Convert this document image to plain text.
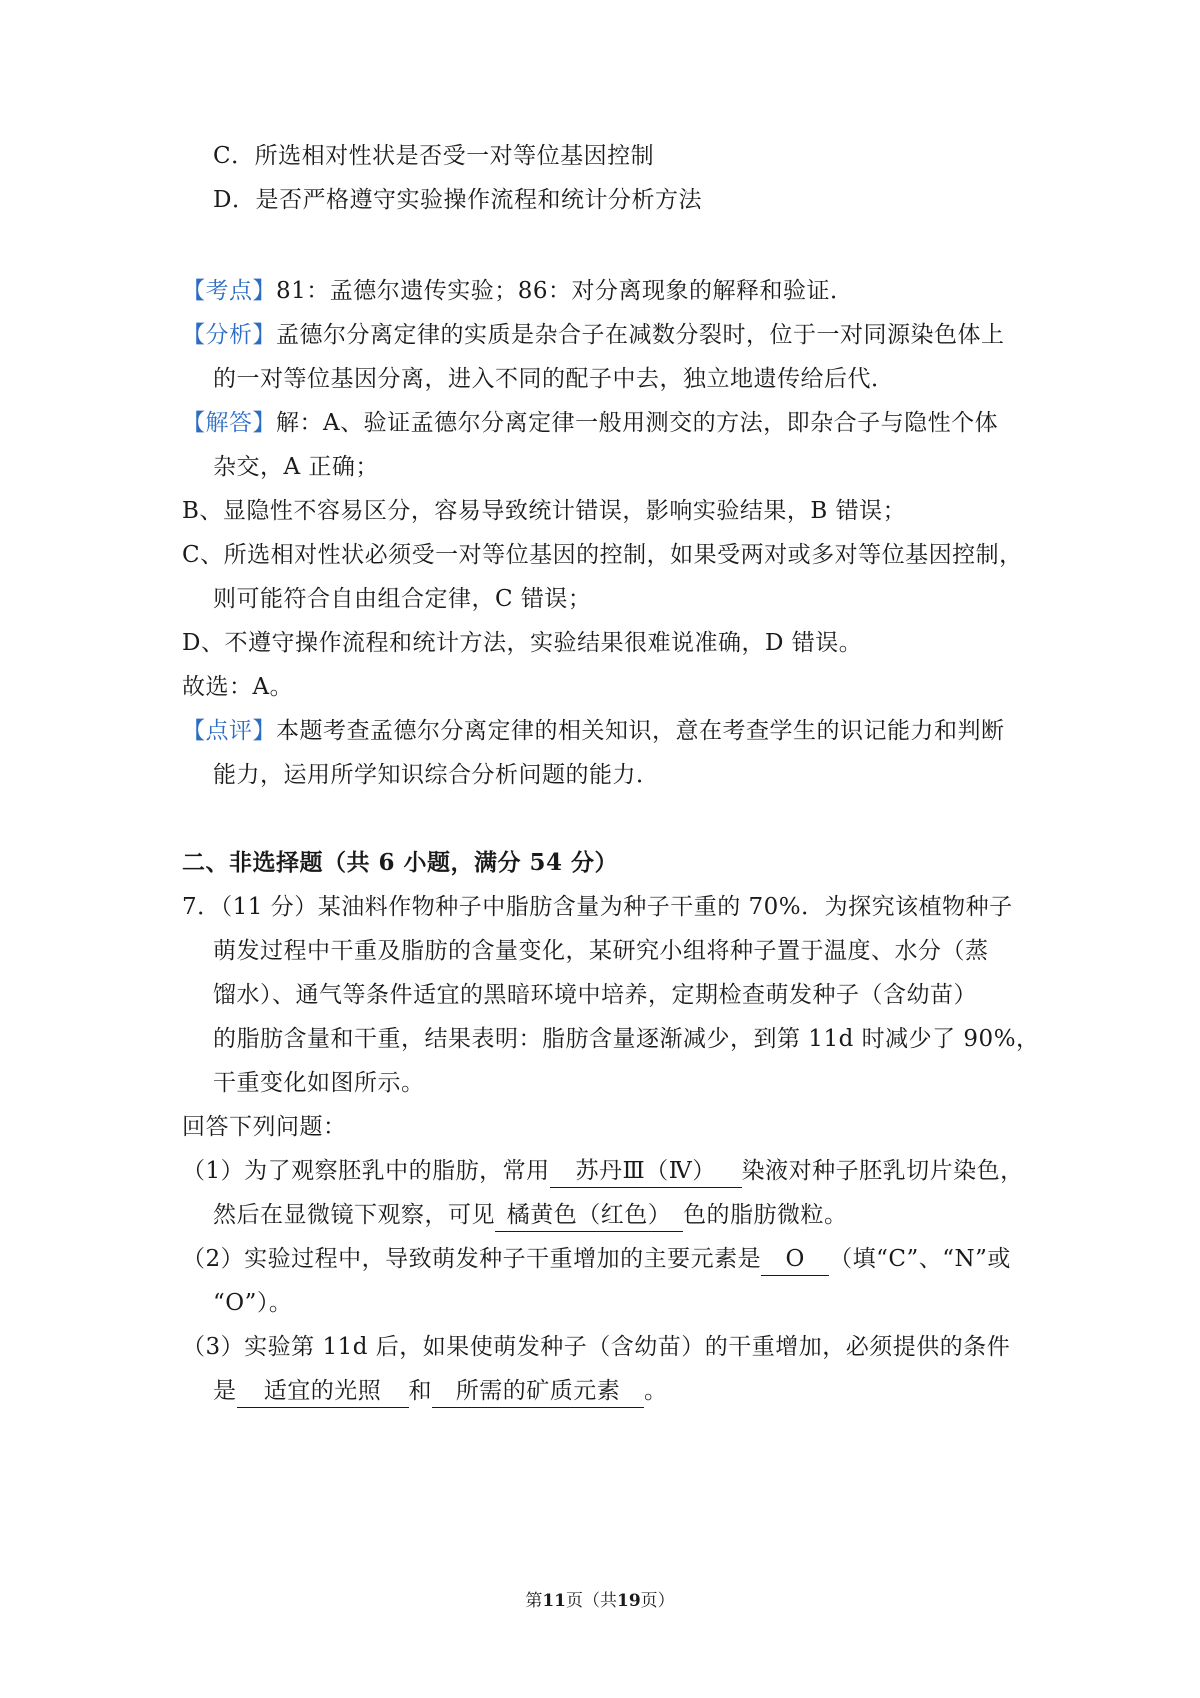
C．所选相对性状是否受一对等位基因控制
D．是否严格遵守实验操作流程和统计分析方法
【考点】81：孟德尔遗传实验；86：对分离现象的解释和验证．
【分析】孟德尔分离定律的实质是杂合子在减数分裂时，位于一对同源染色体上
的一对等位基因分离，进入不同的配子中去，独立地遗传给后代．
【解答】解：A、验证孟德尔分离定律一般用测交的方法，即杂合子与隐性个体
杂交，A 正确；
B、显隐性不容易区分，容易导致统计错误，影响实验结果，B 错误；
C、所选相对性状必须受一对等位基因的控制，如果受两对或多对等位基因控制，
则可能符合自由组合定律，C 错误；
D、不遵守操作流程和统计方法，实验结果很难说准确，D 错误。
故选：A。
【点评】本题考查孟德尔分离定律的相关知识，意在考查学生的识记能力和判断
能力，运用所学知识综合分析问题的能力．
二、非选择题（共 6 小题，满分 54 分）
7．（11 分）某油料作物种子中脂肪含量为种子干重的 70%．为探究该植物种子
萌发过程中干重及脂肪的含量变化，某研究小组将种子置于温度、水分（蒸
馏水）、通气等条件适宜的黑暗环境中培养，定期检查萌发种子（含幼苗）
的脂肪含量和干重，结果表明：脂肪含量逐渐减少，到第 11d 时减少了 90%，
干重变化如图所示。
回答下列问题：
（1）为了观察胚乳中的脂肪，常用 苏丹Ⅲ（Ⅳ） 染液对种子胚乳切片染色，
然后在显微镜下观察，可见 橘黄色（红色） 色的脂肪微粒。
（2）实验过程中，导致萌发种子干重增加的主要元素是 O （填“C”、“N”或
“O”）。
（3）实验第 11d 后，如果使萌发种子（含幼苗）的干重增加，必须提供的条件
是 适宜的光照 和 所需的矿质元素 。
第11页（共19页）
